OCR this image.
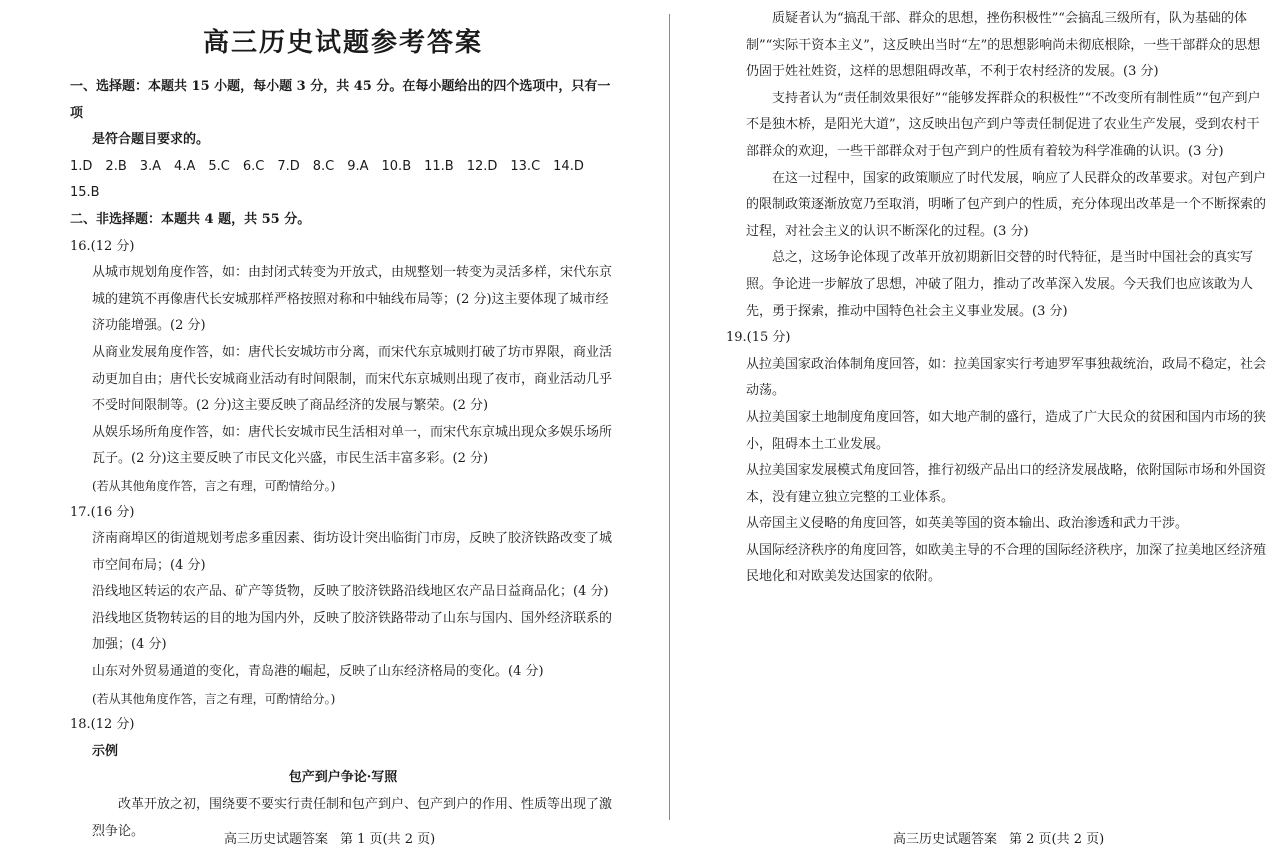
高三历史试题参考答案
一、选择题：本题共 15 小题，每小题 3 分，共 45 分。在每小题给出的四个选项中，只有一项
是符合题目要求的。
1.D 2.B 3.A 4.A 5.C 6.C 7.D 8.C 9.A 10.B 11.B 12.D 13.C 14.D
15.B
二、非选择题：本题共 4 题，共 55 分。
16.(12 分)
从城市规划角度作答，如：由封闭式转变为开放式，由规整划一转变为灵活多样，宋代东京城的建筑不再像唐代长安城那样严格按照对称和中轴线布局等；(2 分)这主要体现了城市经济功能增强。(2 分)
从商业发展角度作答，如：唐代长安城坊市分离，而宋代东京城则打破了坊市界限，商业活动更加自由；唐代长安城商业活动有时间限制，而宋代东京城则出现了夜市，商业活动几乎不受时间限制等。(2 分)这主要反映了商品经济的发展与繁荣。(2 分)
从娱乐场所角度作答，如：唐代长安城市民生活相对单一，而宋代东京城出现众多娱乐场所瓦子。(2 分)这主要反映了市民文化兴盛，市民生活丰富多彩。(2 分)
(若从其他角度作答，言之有理，可酌情给分。)
17.(16 分)
济南商埠区的街道规划考虑多重因素、街坊设计突出临街门市房，反映了胶济铁路改变了城市空间布局；(4 分)
沿线地区转运的农产品、矿产等货物，反映了胶济铁路沿线地区农产品日益商品化；(4 分)
沿线地区货物转运的目的地为国内外，反映了胶济铁路带动了山东与国内、国外经济联系的加强；(4 分)
山东对外贸易通道的变化，青岛港的崛起，反映了山东经济格局的变化。(4 分)
(若从其他角度作答，言之有理，可酌情给分。)
18.(12 分)
示例
包产到户争论·写照
改革开放之初，围绕要不要实行责任制和包产到户、包产到户的作用、性质等出现了激烈争论。
质疑者认为“搞乱干部、群众的思想，挫伤积极性”“会搞乱三级所有，队为基础的体制”“实际干资本主义”，这反映出当时“左”的思想影响尚未彻底根除，一些干部群众的思想仍固于姓社姓资，这样的思想阻碍改革，不利于农村经济的发展。(3 分)
支持者认为“责任制效果很好”“能够发挥群众的积极性”“不改变所有制性质”“包产到户不是独木桥，是阳光大道”，这反映出包产到户等责任制促进了农业生产发展，受到农村干部群众的欢迎，一些干部群众对于包产到户的性质有着较为科学准确的认识。(3 分)
在这一过程中，国家的政策顺应了时代发展，响应了人民群众的改革要求。对包产到户的限制政策逐渐放宽乃至取消，明晰了包产到户的性质，充分体现出改革是一个不断探索的过程，对社会主义的认识不断深化的过程。(3 分)
总之，这场争论体现了改革开放初期新旧交替的时代特征，是当时中国社会的真实写照。争论进一步解放了思想，冲破了阻力，推动了改革深入发展。今天我们也应该敢为人先，勇于探索，推动中国特色社会主义事业发展。(3 分)
19.(15 分)
从拉美国家政治体制角度回答，如：拉美国家实行考迪罗军事独裁统治，政局不稳定，社会动荡。
从拉美国家土地制度角度回答，如大地产制的盛行，造成了广大民众的贫困和国内市场的狭小，阻碍本土工业发展。
从拉美国家发展模式角度回答，推行初级产品出口的经济发展战略，依附国际市场和外国资本，没有建立独立完整的工业体系。
从帝国主义侵略的角度回答，如英美等国的资本输出、政治渗透和武力干涉。
从国际经济秩序的角度回答，如欧美主导的不合理的国际经济秩序，加深了拉美地区经济殖民地化和对欧美发达国家的依附。
高三历史试题答案 第 1 页(共 2 页)	高三历史试题答案 第 2 页(共 2 页)
